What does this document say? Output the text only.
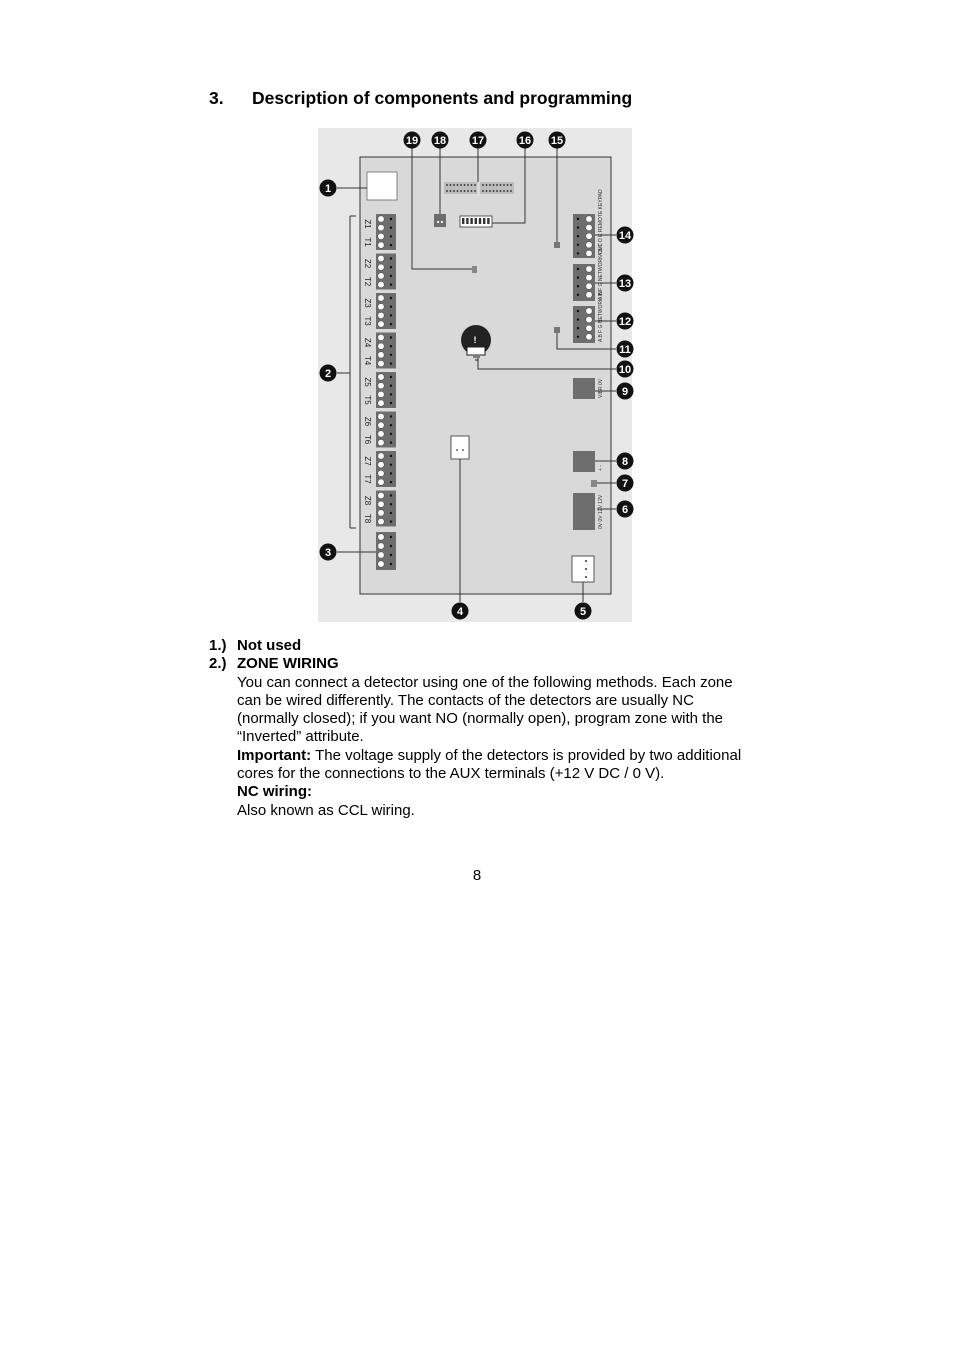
3. Description of components and programming
Z1
T1
Z2
T2
Z3
T3
Z4
T4
Z5
T5
Z6
T6
Z7
T7
Z8
T8
A B C D E REMOTE KEYPAD
A B F G NETWORK OUT
A B F G NETWORK IN
!
VIBR 0V
+ -
0V 0V 12V 12V
1
2
3
4	5
6
7
8
9
10
11
12
13
14
15
16
17
18
19
1.) Not used
2.) ZONE WIRING
You can connect a detector using one of the following methods. Each zone can be wired differently. The contacts of the detectors are usually NC (normally closed); if you want NO (normally open), program zone with the “Inverted” attribute.
Important: The voltage supply of the detectors is provided by two additional cores for the connections to the AUX terminals (+12 V DC / 0 V).
NC wiring:
Also known as CCL wiring.
8
